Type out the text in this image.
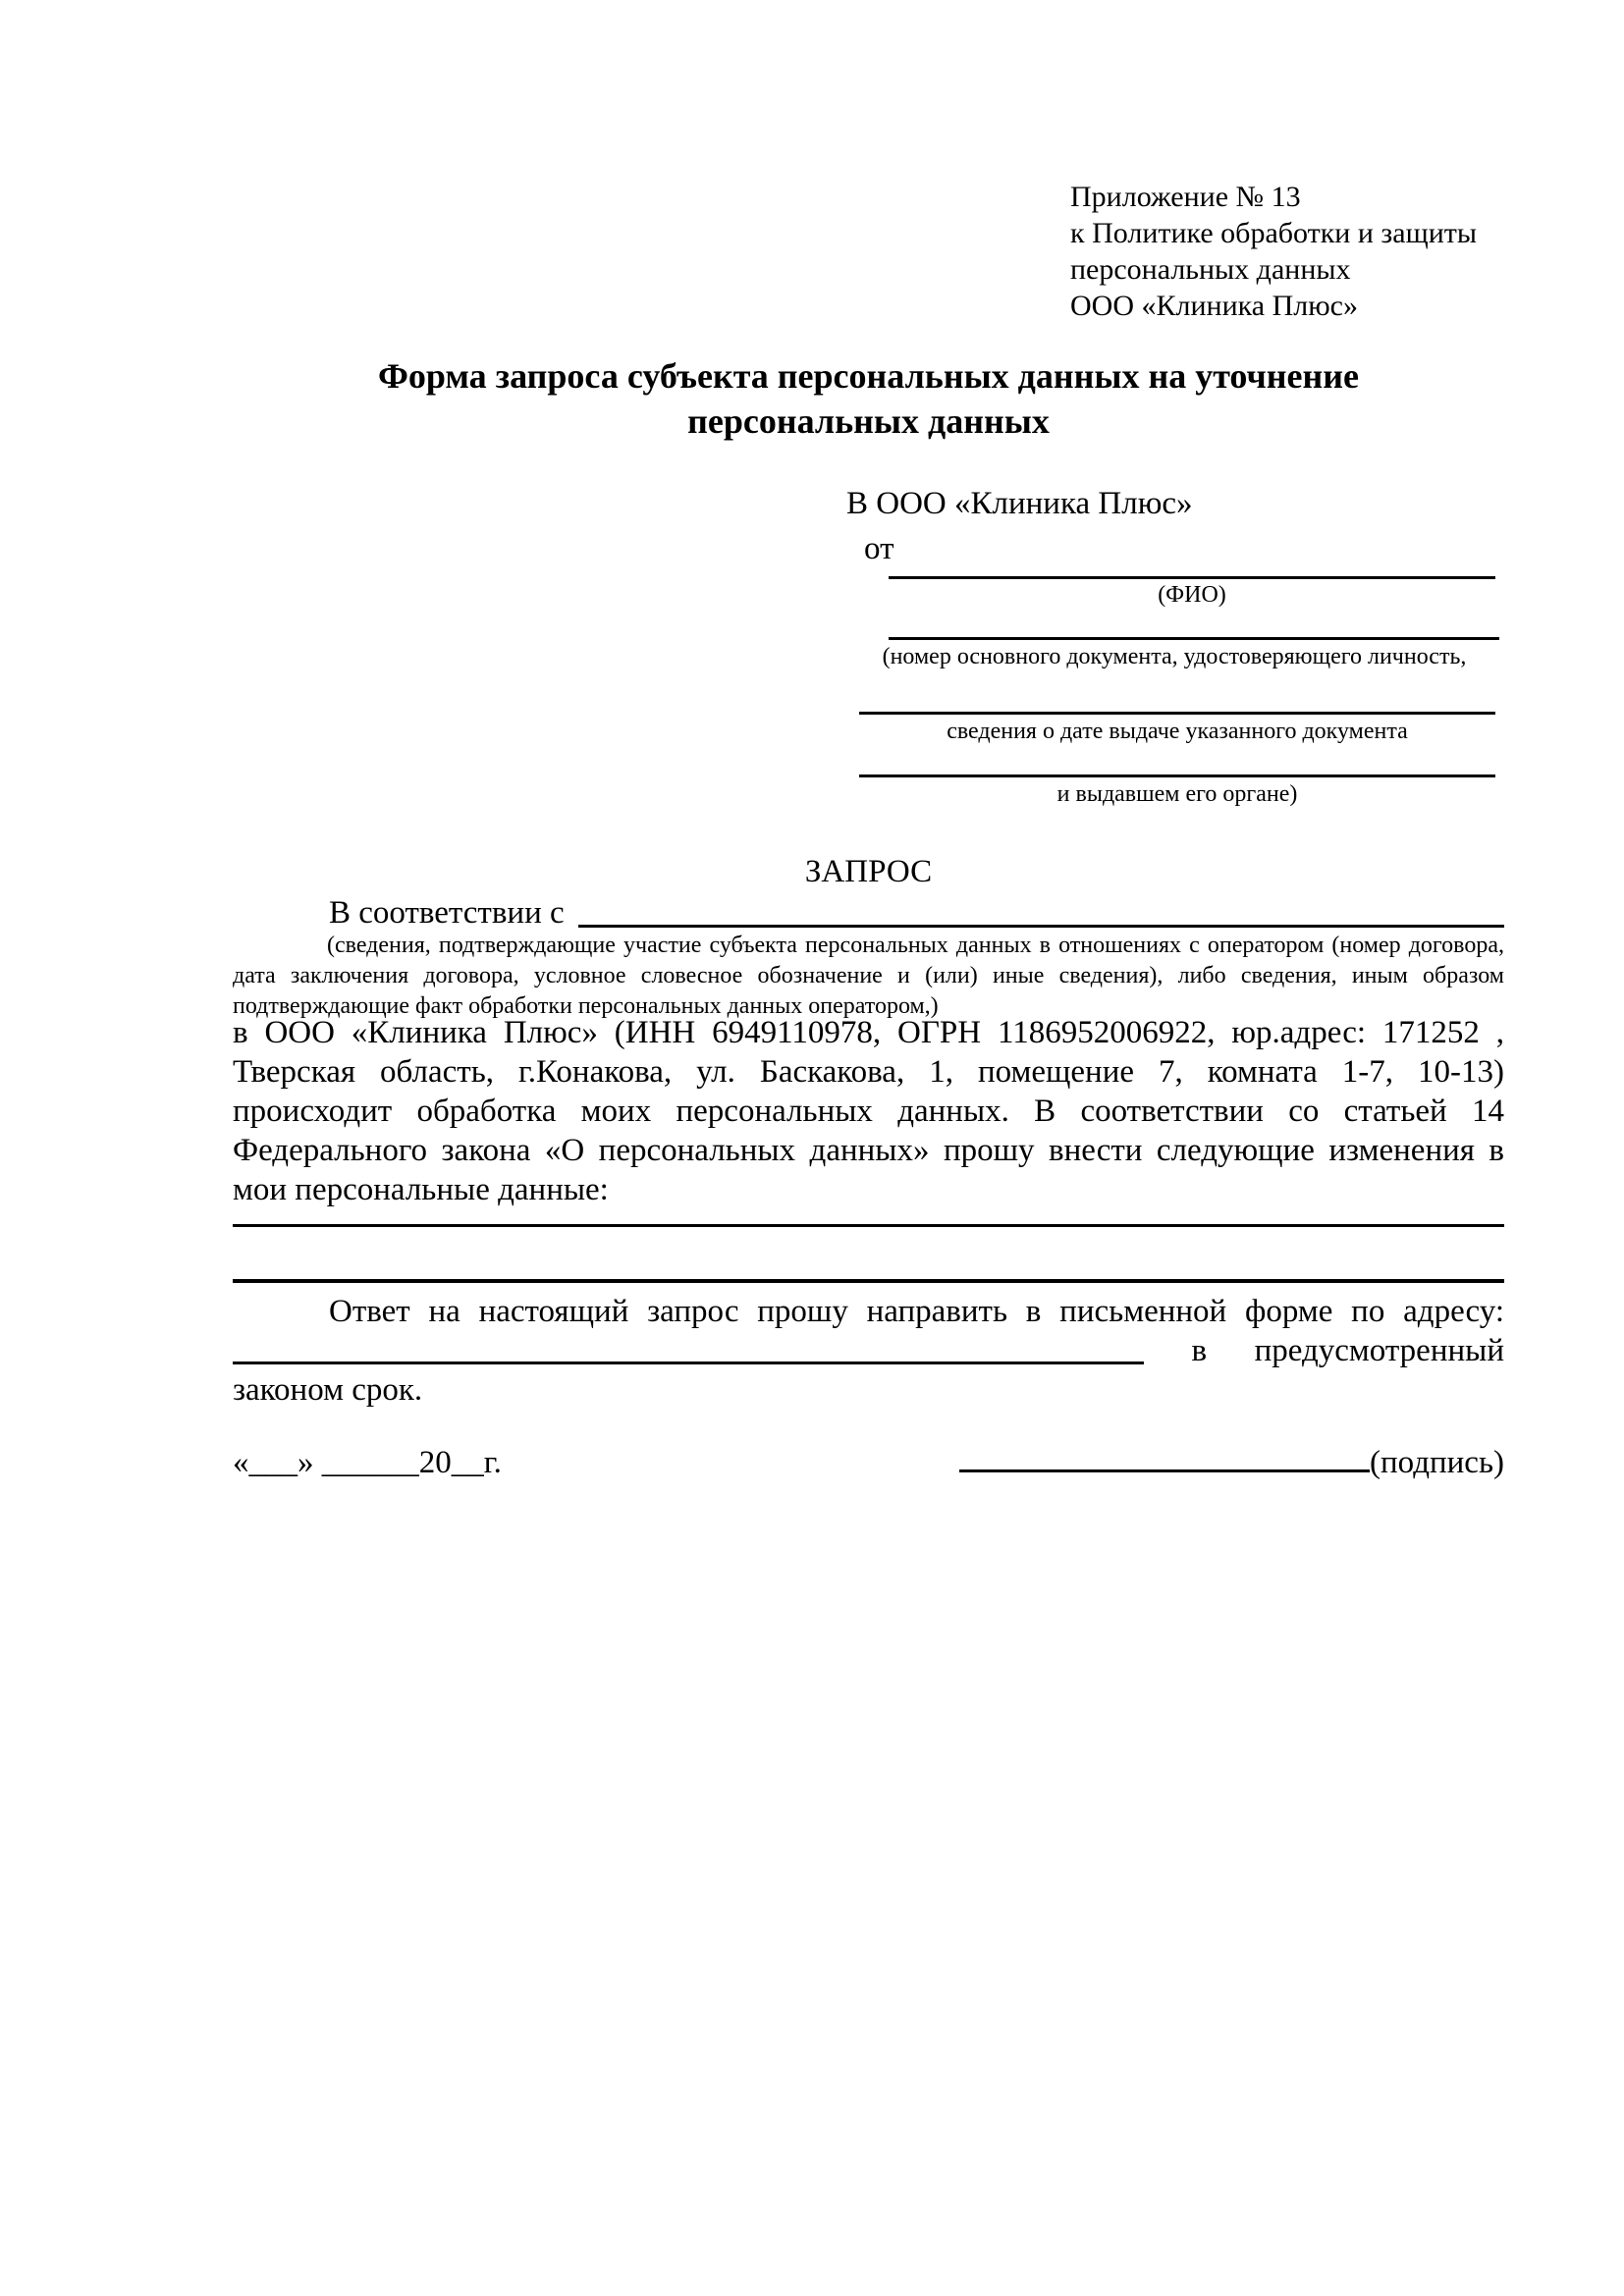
Приложение № 13
к Политике обработки и защиты
персональных данных
ООО «Клиника Плюс»
Форма запроса субъекта персональных данных на уточнение
персональных данных
В ООО «Клиника Плюс»
от
(ФИО)
(номер основного документа, удостоверяющего личность,
сведения о дате выдаче указанного документа
и выдавшем его органе)
ЗАПРОС
В соответствии с
(сведения, подтверждающие участие субъекта персональных данных в отношениях с оператором (номер договора, дата заключения договора, условное словесное обозначение и (или) иные сведения), либо сведения, иным образом подтверждающие факт обработки персональных данных оператором,)
в ООО «Клиника Плюс» (ИНН 6949110978, ОГРН 1186952006922, юр.адрес: 171252 , Тверская область, г.Конакова, ул. Баскакова, 1, помещение 7, комната 1-7, 10-13) происходит обработка моих персональных данных. В соответствии со статьей 14 Федерального закона «О персональных данных» прошу внести следующие изменения в мои персональные данные:
Ответ на настоящий запрос прошу направить в письменной форме по адресу:
в предусмотренный
законом срок.
«___» ______20__г.	(подпись)
